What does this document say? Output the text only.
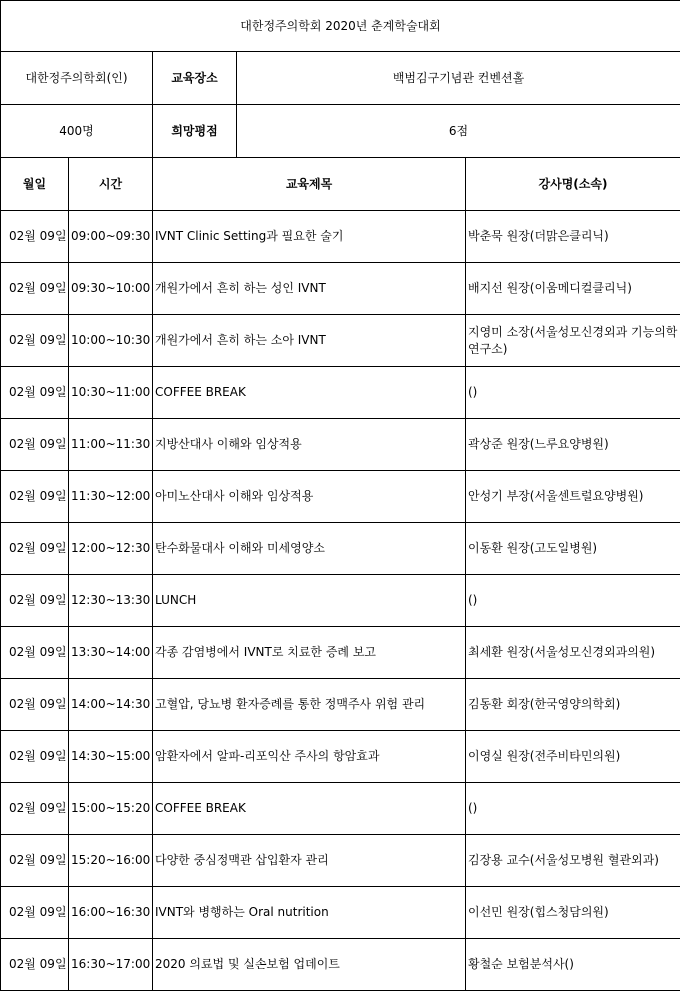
대한정주의학회 2020년 춘계학술대회				
대한정주의학회(인)		교육장소	백범김구기념관 컨벤션홀	
400명		희망평점	6점	
월일	시간	교육제목		강사명(소속)
02월 09일	09:00~09:30	IVNT Clinic Setting과 필요한 술기		박춘묵 원장(더맑은클리닉)
02월 09일	09:30~10:00	개원가에서 흔히 하는 성인 IVNT		배지선 원장(이움메디컬클리닉)
02월 09일	10:00~10:30	개원가에서 흔히 하는 소아 IVNT		지영미 소장(서울성모신경외과 기능의학연구소)
02월 09일	10:30~11:00	COFFEE BREAK		()
02월 09일	11:00~11:30	지방산대사 이해와 임상적용		곽상준 원장(느루요양병원)
02월 09일	11:30~12:00	아미노산대사 이해와 임상적용		안성기 부장(서울센트럴요양병원)
02월 09일	12:00~12:30	탄수화물대사 이해와 미세영양소		이동환 원장(고도일병원)
02월 09일	12:30~13:30	LUNCH		()
02월 09일	13:30~14:00	각종 감염병에서 IVNT로 치료한 증례 보고		최세환 원장(서울성모신경외과의원)
02월 09일	14:00~14:30	고혈압, 당뇨병 환자증례를 통한 정맥주사 위험 관리		김동환 회장(한국영양의학회)
02월 09일	14:30~15:00	암환자에서 알파-리포익산 주사의 항암효과		이영실 원장(전주비타민의원)
02월 09일	15:00~15:20	COFFEE BREAK		()
02월 09일	15:20~16:00	다양한 중심정맥관 삽입환자 관리		김장용 교수(서울성모병원 혈관외과)
02월 09일	16:00~16:30	IVNT와 병행하는 Oral nutrition		이선민 원장(힙스청담의원)
02월 09일	16:30~17:00	2020 의료법 및 실손보험 업데이트		황철순 보험분석사()
